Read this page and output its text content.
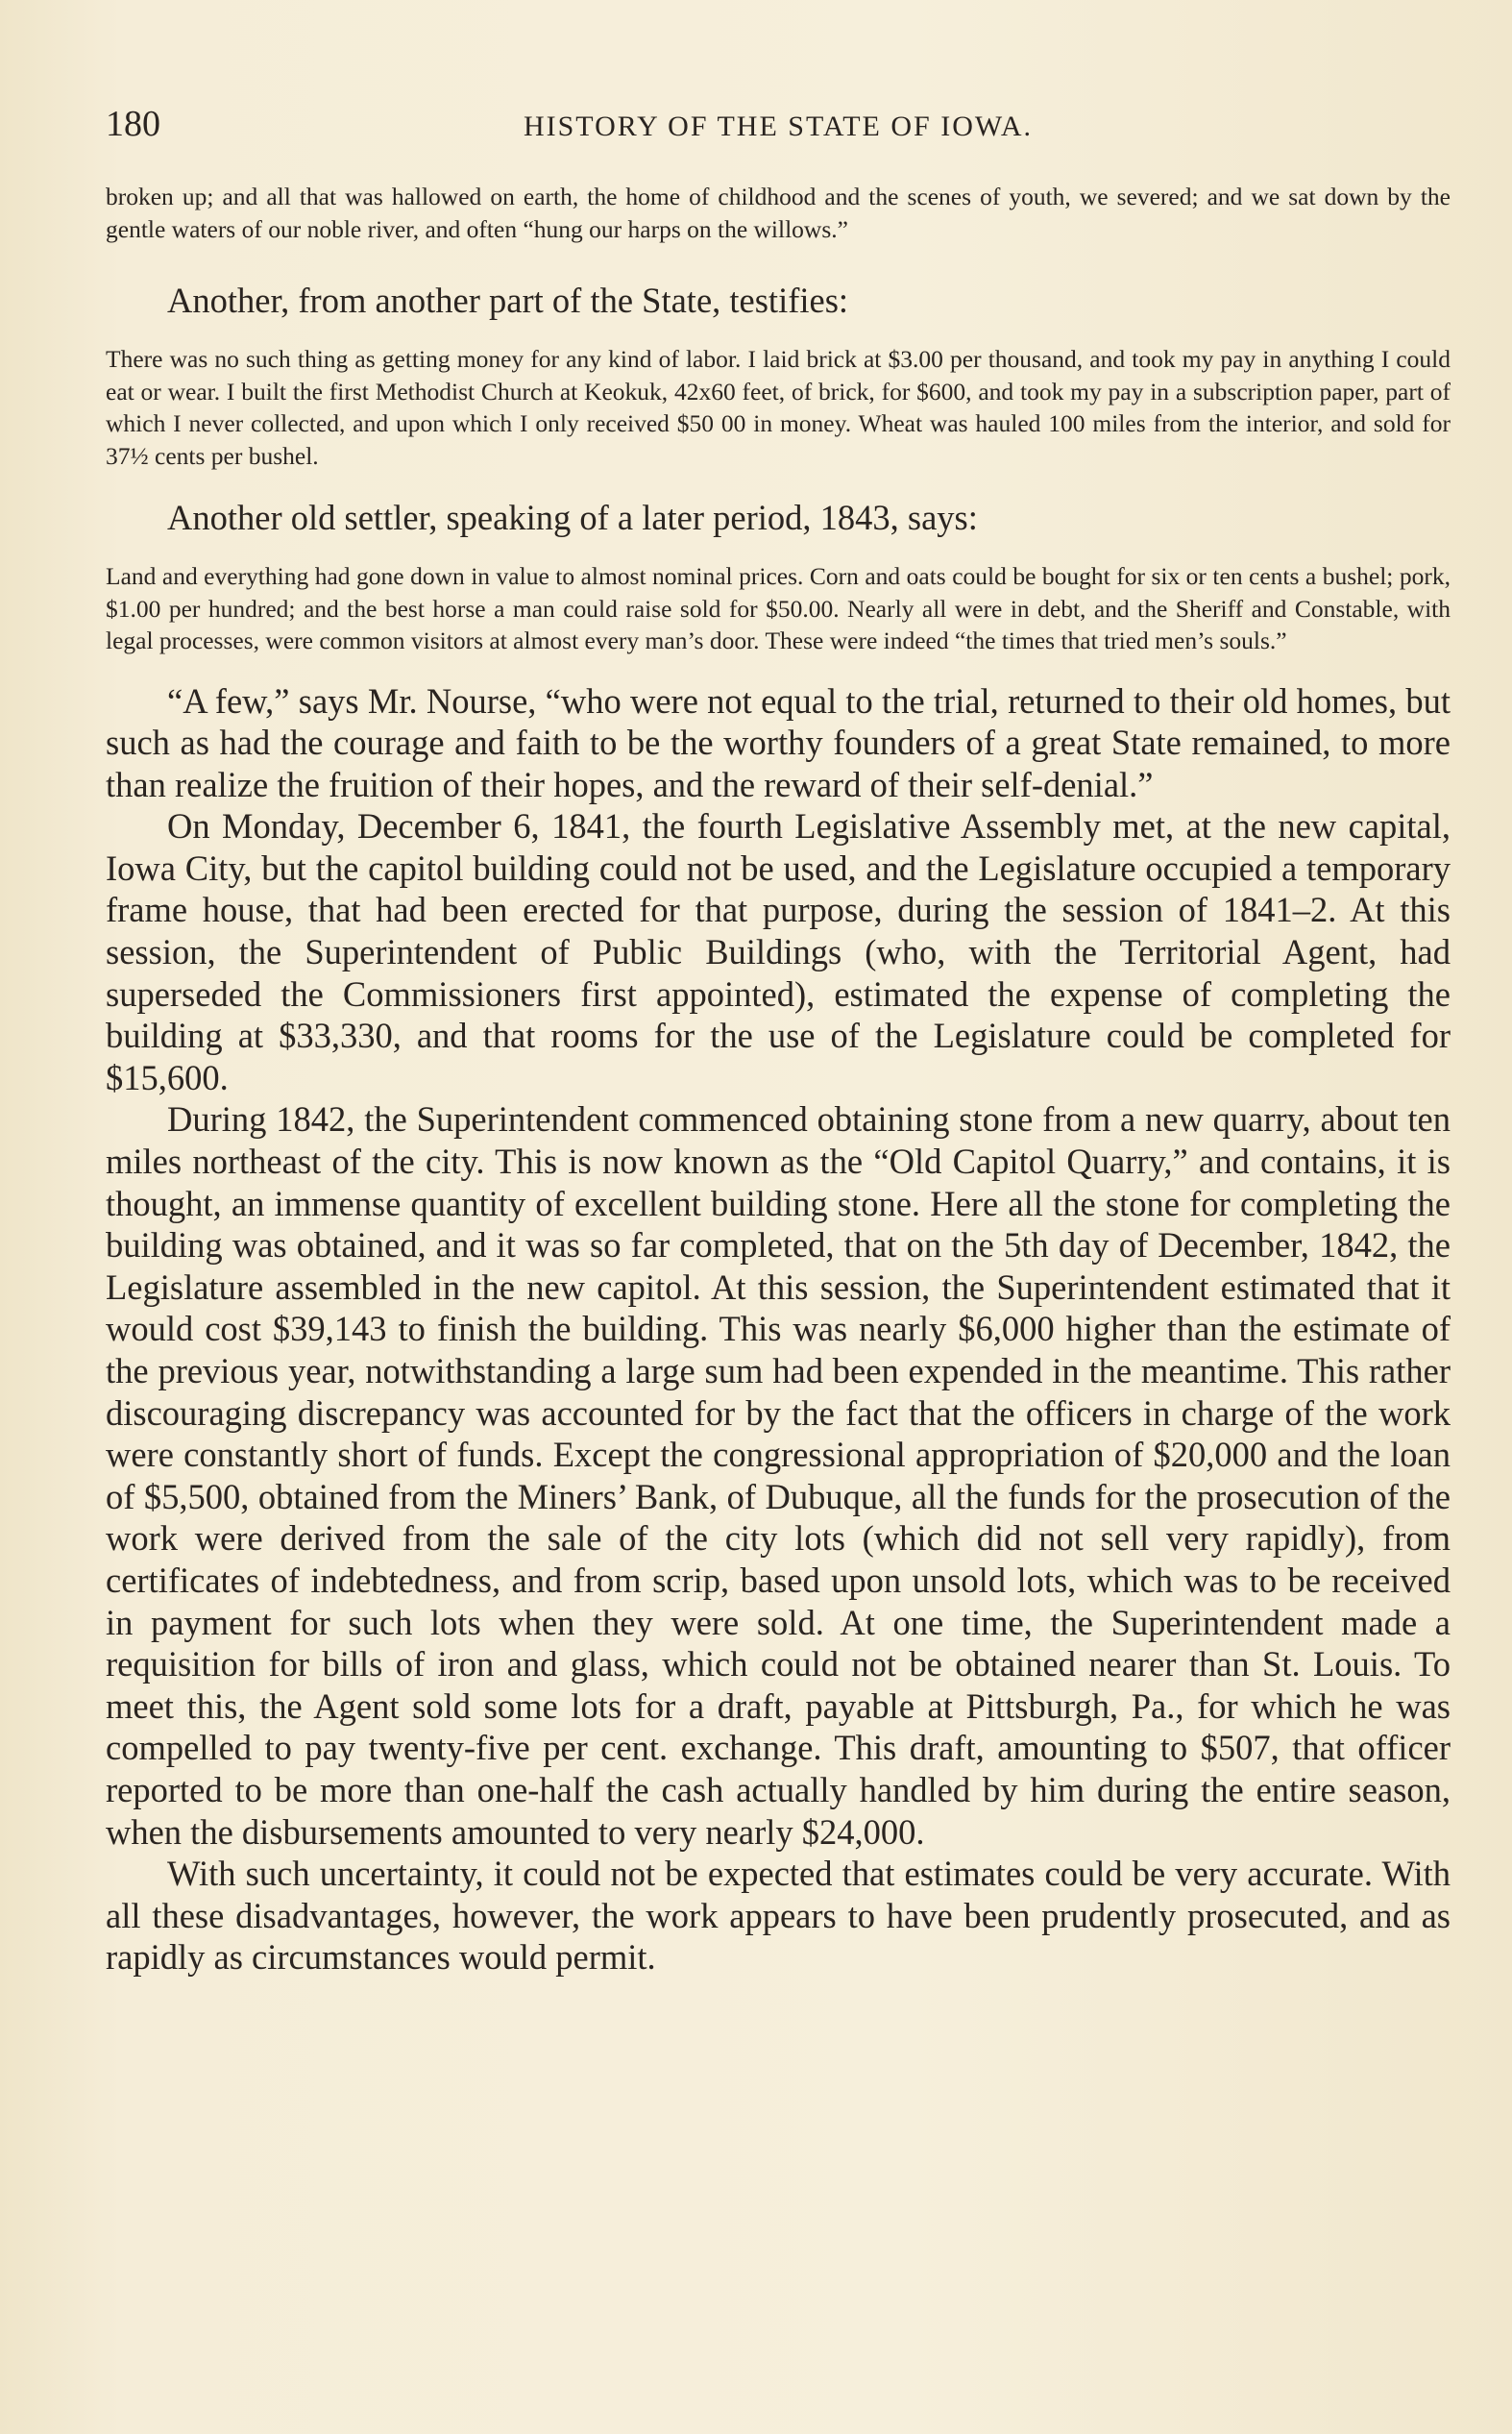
180	HISTORY OF THE STATE OF IOWA.

broken up; and all that was hallowed on earth, the home of childhood and the scenes of youth, we severed; and we sat down by the gentle waters of our noble river, and often “hung our harps on the willows.”

Another, from another part of the State, testifies:

There was no such thing as getting money for any kind of labor. I laid brick at $3.00 per thousand, and took my pay in anything I could eat or wear. I built the first Methodist Church at Keokuk, 42x60 feet, of brick, for $600, and took my pay in a subscription paper, part of which I never collected, and upon which I only received $50 00 in money. Wheat was hauled 100 miles from the interior, and sold for 37½ cents per bushel.

Another old settler, speaking of a later period, 1843, says:

Land and everything had gone down in value to almost nominal prices. Corn and oats could be bought for six or ten cents a bushel; pork, $1.00 per hundred; and the best horse a man could raise sold for $50.00. Nearly all were in debt, and the Sheriff and Constable, with legal processes, were common visitors at almost every man’s door. These were indeed “the times that tried men’s souls.”

“A few,” says Mr. Nourse, “who were not equal to the trial, returned to their old homes, but such as had the courage and faith to be the worthy founders of a great State remained, to more than realize the fruition of their hopes, and the reward of their self-denial.”

On Monday, December 6, 1841, the fourth Legislative Assembly met, at the new capital, Iowa City, but the capitol building could not be used, and the Legislature occupied a temporary frame house, that had been erected for that purpose, during the session of 1841–2. At this session, the Superintendent of Public Buildings (who, with the Territorial Agent, had superseded the Commissioners first appointed), estimated the expense of completing the building at $33,330, and that rooms for the use of the Legislature could be completed for $15,600.

During 1842, the Superintendent commenced obtaining stone from a new quarry, about ten miles northeast of the city. This is now known as the “Old Capitol Quarry,” and contains, it is thought, an immense quantity of excellent building stone. Here all the stone for completing the building was obtained, and it was so far completed, that on the 5th day of December, 1842, the Legislature assembled in the new capitol. At this session, the Superintendent estimated that it would cost $39,143 to finish the building. This was nearly $6,000 higher than the estimate of the previous year, notwithstanding a large sum had been expended in the meantime. This rather discouraging discrepancy was accounted for by the fact that the officers in charge of the work were constantly short of funds. Except the congressional appropriation of $20,000 and the loan of $5,500, obtained from the Miners’ Bank, of Dubuque, all the funds for the prosecution of the work were derived from the sale of the city lots (which did not sell very rapidly), from certificates of indebtedness, and from scrip, based upon unsold lots, which was to be received in payment for such lots when they were sold. At one time, the Superintendent made a requisition for bills of iron and glass, which could not be obtained nearer than St. Louis. To meet this, the Agent sold some lots for a draft, payable at Pittsburgh, Pa., for which he was compelled to pay twenty-five per cent. exchange. This draft, amounting to $507, that officer reported to be more than one-half the cash actually handled by him during the entire season, when the disbursements amounted to very nearly $24,000.

With such uncertainty, it could not be expected that estimates could be very accurate. With all these disadvantages, however, the work appears to have been prudently prosecuted, and as rapidly as circumstances would permit.
